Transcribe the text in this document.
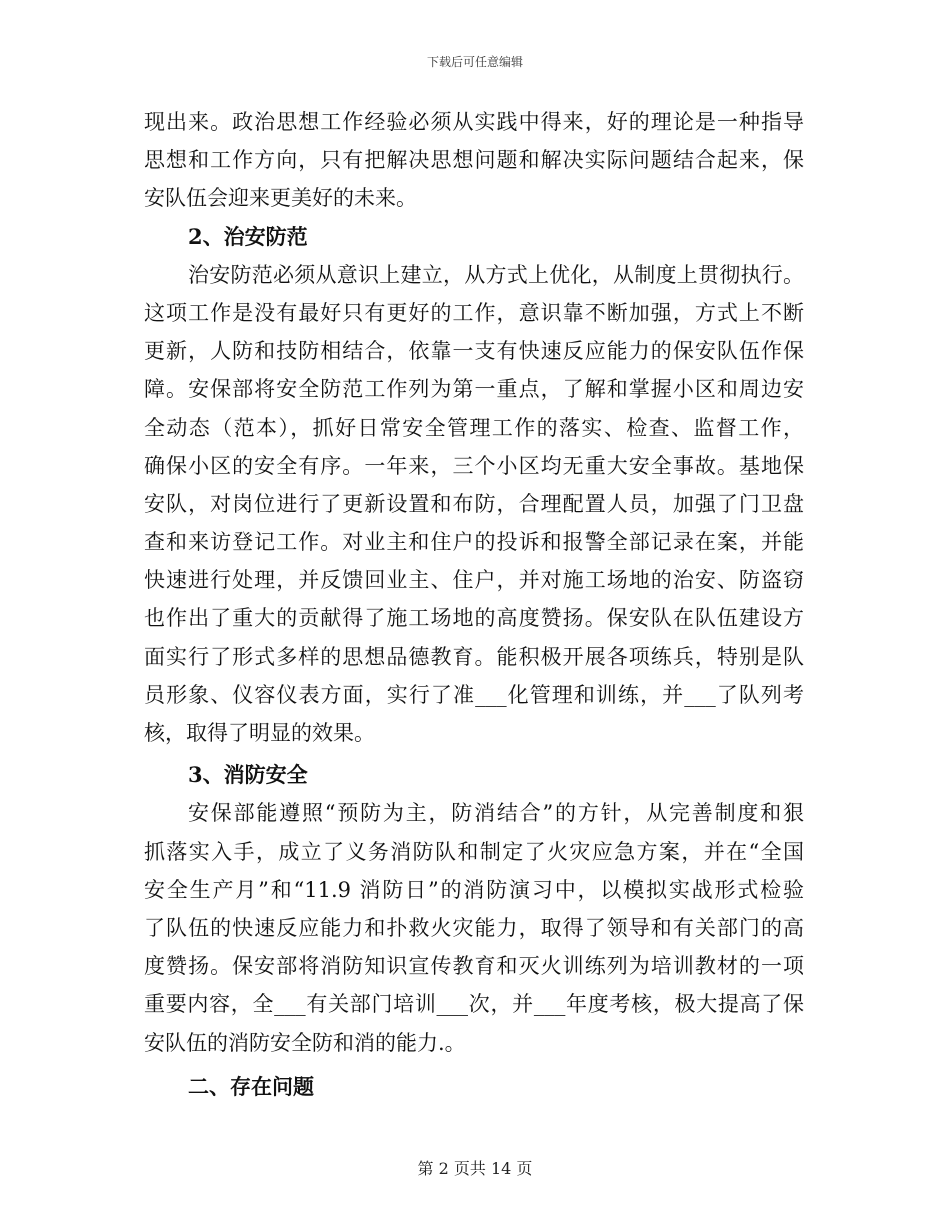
下载后可任意编辑
现出来。政治思想工作经验必须从实践中得来，好的理论是一种指导
思想和工作方向，只有把解决思想问题和解决实际问题结合起来，保
安队伍会迎来更美好的未来。
2、治安防范
治安防范必须从意识上建立，从方式上优化，从制度上贯彻执行。
这项工作是没有最好只有更好的工作，意识靠不断加强，方式上不断
更新，人防和技防相结合，依靠一支有快速反应能力的保安队伍作保
障。安保部将安全防范工作列为第一重点，了解和掌握小区和周边安
全动态（范本），抓好日常安全管理工作的落实、检查、监督工作，
确保小区的安全有序。一年来，三个小区均无重大安全事故。基地保
安队，对岗位进行了更新设置和布防，合理配置人员，加强了门卫盘
查和来访登记工作。对业主和住户的投诉和报警全部记录在案，并能
快速进行处理，并反馈回业主、住户，并对施工场地的治安、防盗窃
也作出了重大的贡献得了施工场地的高度赞扬。保安队在队伍建设方
面实行了形式多样的思想品德教育。能积极开展各项练兵，特别是队
员形象、仪容仪表方面，实行了准___化管理和训练，并___了队列考
核，取得了明显的效果。
3、消防安全
安保部能遵照“预防为主，防消结合”的方针，从完善制度和狠
抓落实入手，成立了义务消防队和制定了火灾应急方案，并在“全国
安全生产月”和“11.9 消防日”的消防演习中，以模拟实战形式检验
了队伍的快速反应能力和扑救火灾能力，取得了领导和有关部门的高
度赞扬。保安部将消防知识宣传教育和灭火训练列为培训教材的一项
重要内容，全___有关部门培训___次，并___年度考核，极大提高了保
安队伍的消防安全防和消的能力.。
二、存在问题
第 2 页共 14 页
